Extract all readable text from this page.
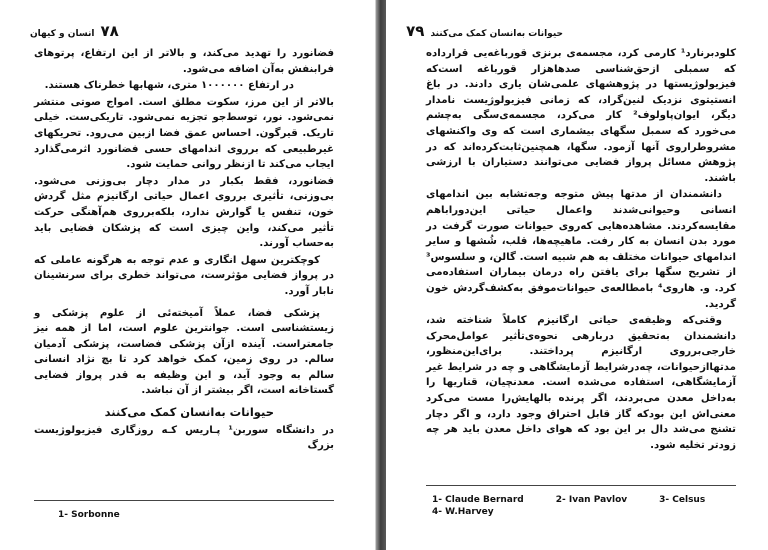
۷۸
انسان و کیهان

فضانورد را تهدید می‌کند، و بالاتر از این ارتفاع، پرتوهای فرابنفش به‌آن اضافه می‌شود.

در ارتفاع ۱۰۰۰۰۰۰ متری، شهابها خطرناک هستند.

بالاتر از این مرز، سکوت مطلق است. امواج صوتی منتشر نمی‌شود. نور، توسط‌جو تجزیه نمی‌شود. تاریکی‌ست. خیلی تاریک. قیرگون. احساس عمق فضا ازبین می‌رود. تحریکهای غیرطبیعی که برروی اندامهای حسی فضانورد اثرمی‌گذارد ایجاب می‌کند تا ازنظر روانی حمایت شود.

فضانورد، فقط بکبار در مدار دچار بی‌وزنی می‌شود. بی‌وزنی، تأثیری برروی اعمال حیاتی ارگانیزم مثل گردش خون، تنفس یا گوارش ندارد، بلکه‌برروی هم‌آهنگی حرکت تأثیر می‌کند، واین چیزی است که پزشکان فضایی باید به‌حساب آورند.

کوچکترین سهل انگاری و عدم توجه به هرگونه عاملی که در پرواز فضایی مؤثرست، می‌تواند خطری برای سرنشینان نابار آورد.

پزشکی فضا، عملاً آمیخته‌ئی از علوم پزشکی و زیستشناسی است. جوانترین علوم است، اما از همه نیز جامعتراست. آینده ازآن پزشکی فضاست، پزشکی آدمیان سالم. در روی زمین، کمک خواهد کرد تا بچ نژاد انسانی سالم به وجود آید، و این وظیفه به قدر پرواز فضایی گستاخانه است، اگر بیشتر از آن نباشد.

حیوانات به‌انسان کمک می‌کنند

در دانشگاه سوربن¹ پـاریس کـه روزگاری فیزیولوژیست بزرگ

1- Sorbonne
حیوانات به‌انسان کمک می‌کنند
۷۹

کلودبرنارد¹ کارمی کرد، مجسمه‌ی برنزی قورباغه‌یی قرارداده که سمبلی ازحق‌شناسی صدهاهزار قورباغه است‌که فیزیولوژیستها در پژوهشهای علمی‌شان یاری دادند. در باغ انستیتوی نزدیک لنین‌گراد، که زمانی فیزیولوژیست نامدار دیگر، ایوان‌پاولوف² کار می‌کرد، مجسمه‌ی‌سگی به‌چشم می‌خورد که سمبل سگهای بیشماری است که وی واکنشهای مشروطرا‌روی آنها آزمود. سگها، همچنین‌ثابت‌کرده‌اند که در پژوهش مسائل پرواز فضایی می‌توانند دستیاران با ارزشی باشند.

دانشمندان از مدتها پیش متوجه وجه‌تشابه بین اندامهای انسانی وحیوانی‌شدند واعمال حیاتی این‌دورا‌باهم مقایسه‌کردند. مشاهده‌هایی که‌روی حیوانات صورت گرفت در مورد بدن انسان به کار رفت. ماهیچه‌ها، قلب، شُشها و سایر اندامهای حیوانات مختلف به هم شبیه است. گالن، و سلسوس³ از تشریح سگها برای یافتن راه درمان بیماران استفاده‌می کرد. و. هاروی⁴ بامطالعه‌ی حیوانات‌موفق به‌کشف‌گردش خون گردید.

وقتی‌که وظیفه‌ی حیاتی ارگانیزم کاملاً شناخته شد، دانشمندان به‌تحقیق دربارهی نحوه‌ی‌تأثیر عوامل‌محرک خارجی‌برروی ارگانیزم پرداختند. برای‌این‌منظور، مدتها‌ازحیوانات، چه‌درشرایط آزمایشگاهی و چه در شرایط غیر آزمایشگاهی، استفاده می‌شده است. معدنچیان، قناریها را به‌داخل معدن می‌بردند، اگر پرنده بالهایش‌را مست می‌کرد معنی‌اش این بودکه گاز قابل احتراق وجود دارد، و اگر دچار تشنج می‌شد دال بر این بود که هوای داخل معدن باید هر چه زودتر تخلیه شود.

1- Claude Bernard	2- Ivan Pavlov	3- Celsus
4- W.Harvey
